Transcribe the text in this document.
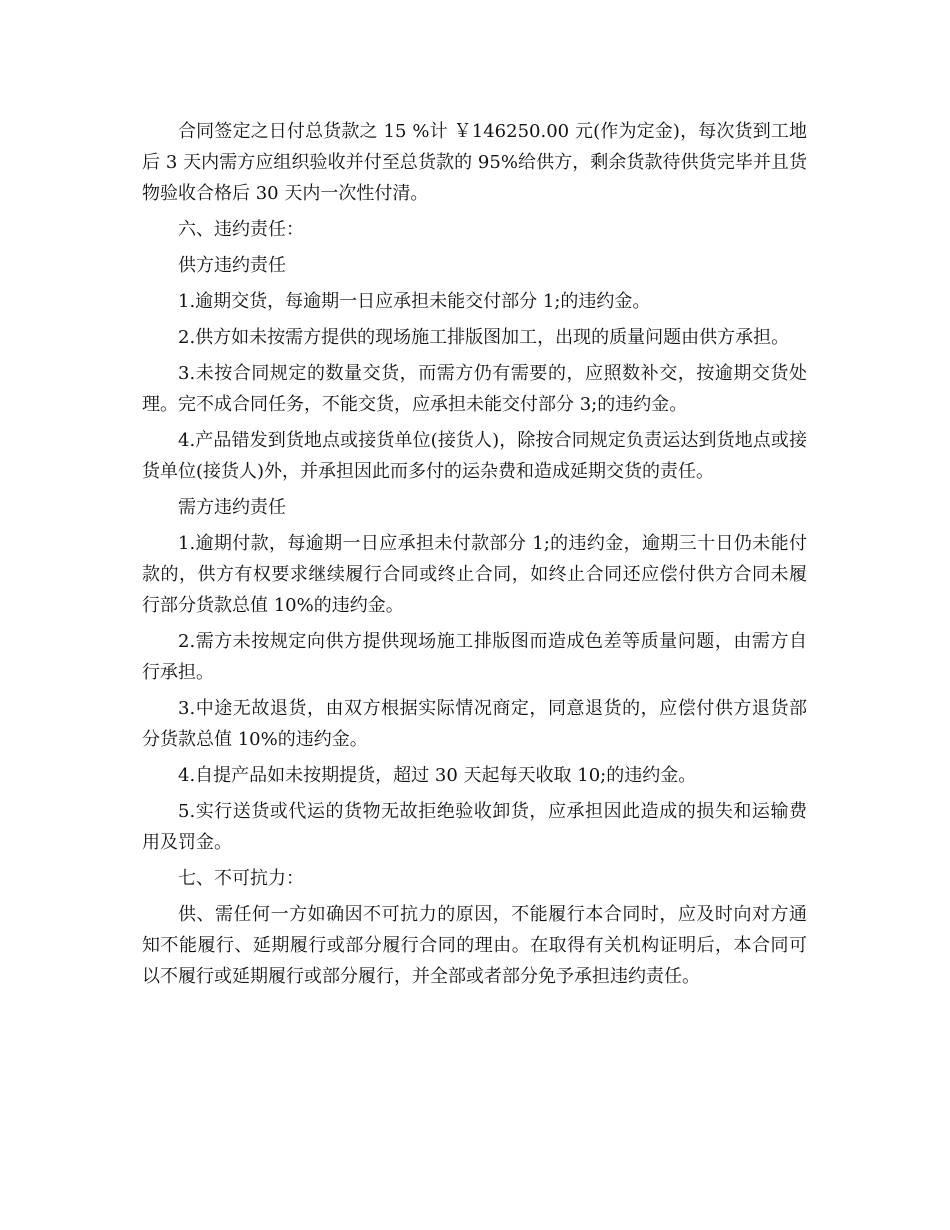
合同签定之日付总货款之 15 %计 ￥146250.00 元(作为定金)，每次货到工地后 3 天内需方应组织验收并付至总货款的 95%给供方，剩余货款待供货完毕并且货物验收合格后 30 天内一次性付清。

六、违约责任：

供方违约责任

1.逾期交货，每逾期一日应承担未能交付部分 1;的违约金。

2.供方如未按需方提供的现场施工排版图加工，出现的质量问题由供方承担。

3.未按合同规定的数量交货，而需方仍有需要的，应照数补交，按逾期交货处理。完不成合同任务，不能交货，应承担未能交付部分 3;的违约金。

4.产品错发到货地点或接货单位(接货人)，除按合同规定负责运达到货地点或接货单位(接货人)外，并承担因此而多付的运杂费和造成延期交货的责任。

需方违约责任

1.逾期付款，每逾期一日应承担未付款部分 1;的违约金，逾期三十日仍未能付款的，供方有权要求继续履行合同或终止合同，如终止合同还应偿付供方合同未履行部分货款总值 10%的违约金。

2.需方未按规定向供方提供现场施工排版图而造成色差等质量问题，由需方自行承担。

3.中途无故退货，由双方根据实际情况商定，同意退货的，应偿付供方退货部分货款总值 10%的违约金。

4.自提产品如未按期提货，超过 30 天起每天收取 10;的违约金。

5.实行送货或代运的货物无故拒绝验收卸货，应承担因此造成的损失和运输费用及罚金。

七、不可抗力：

供、需任何一方如确因不可抗力的原因，不能履行本合同时，应及时向对方通知不能履行、延期履行或部分履行合同的理由。在取得有关机构证明后，本合同可以不履行或延期履行或部分履行，并全部或者部分免予承担违约责任。
